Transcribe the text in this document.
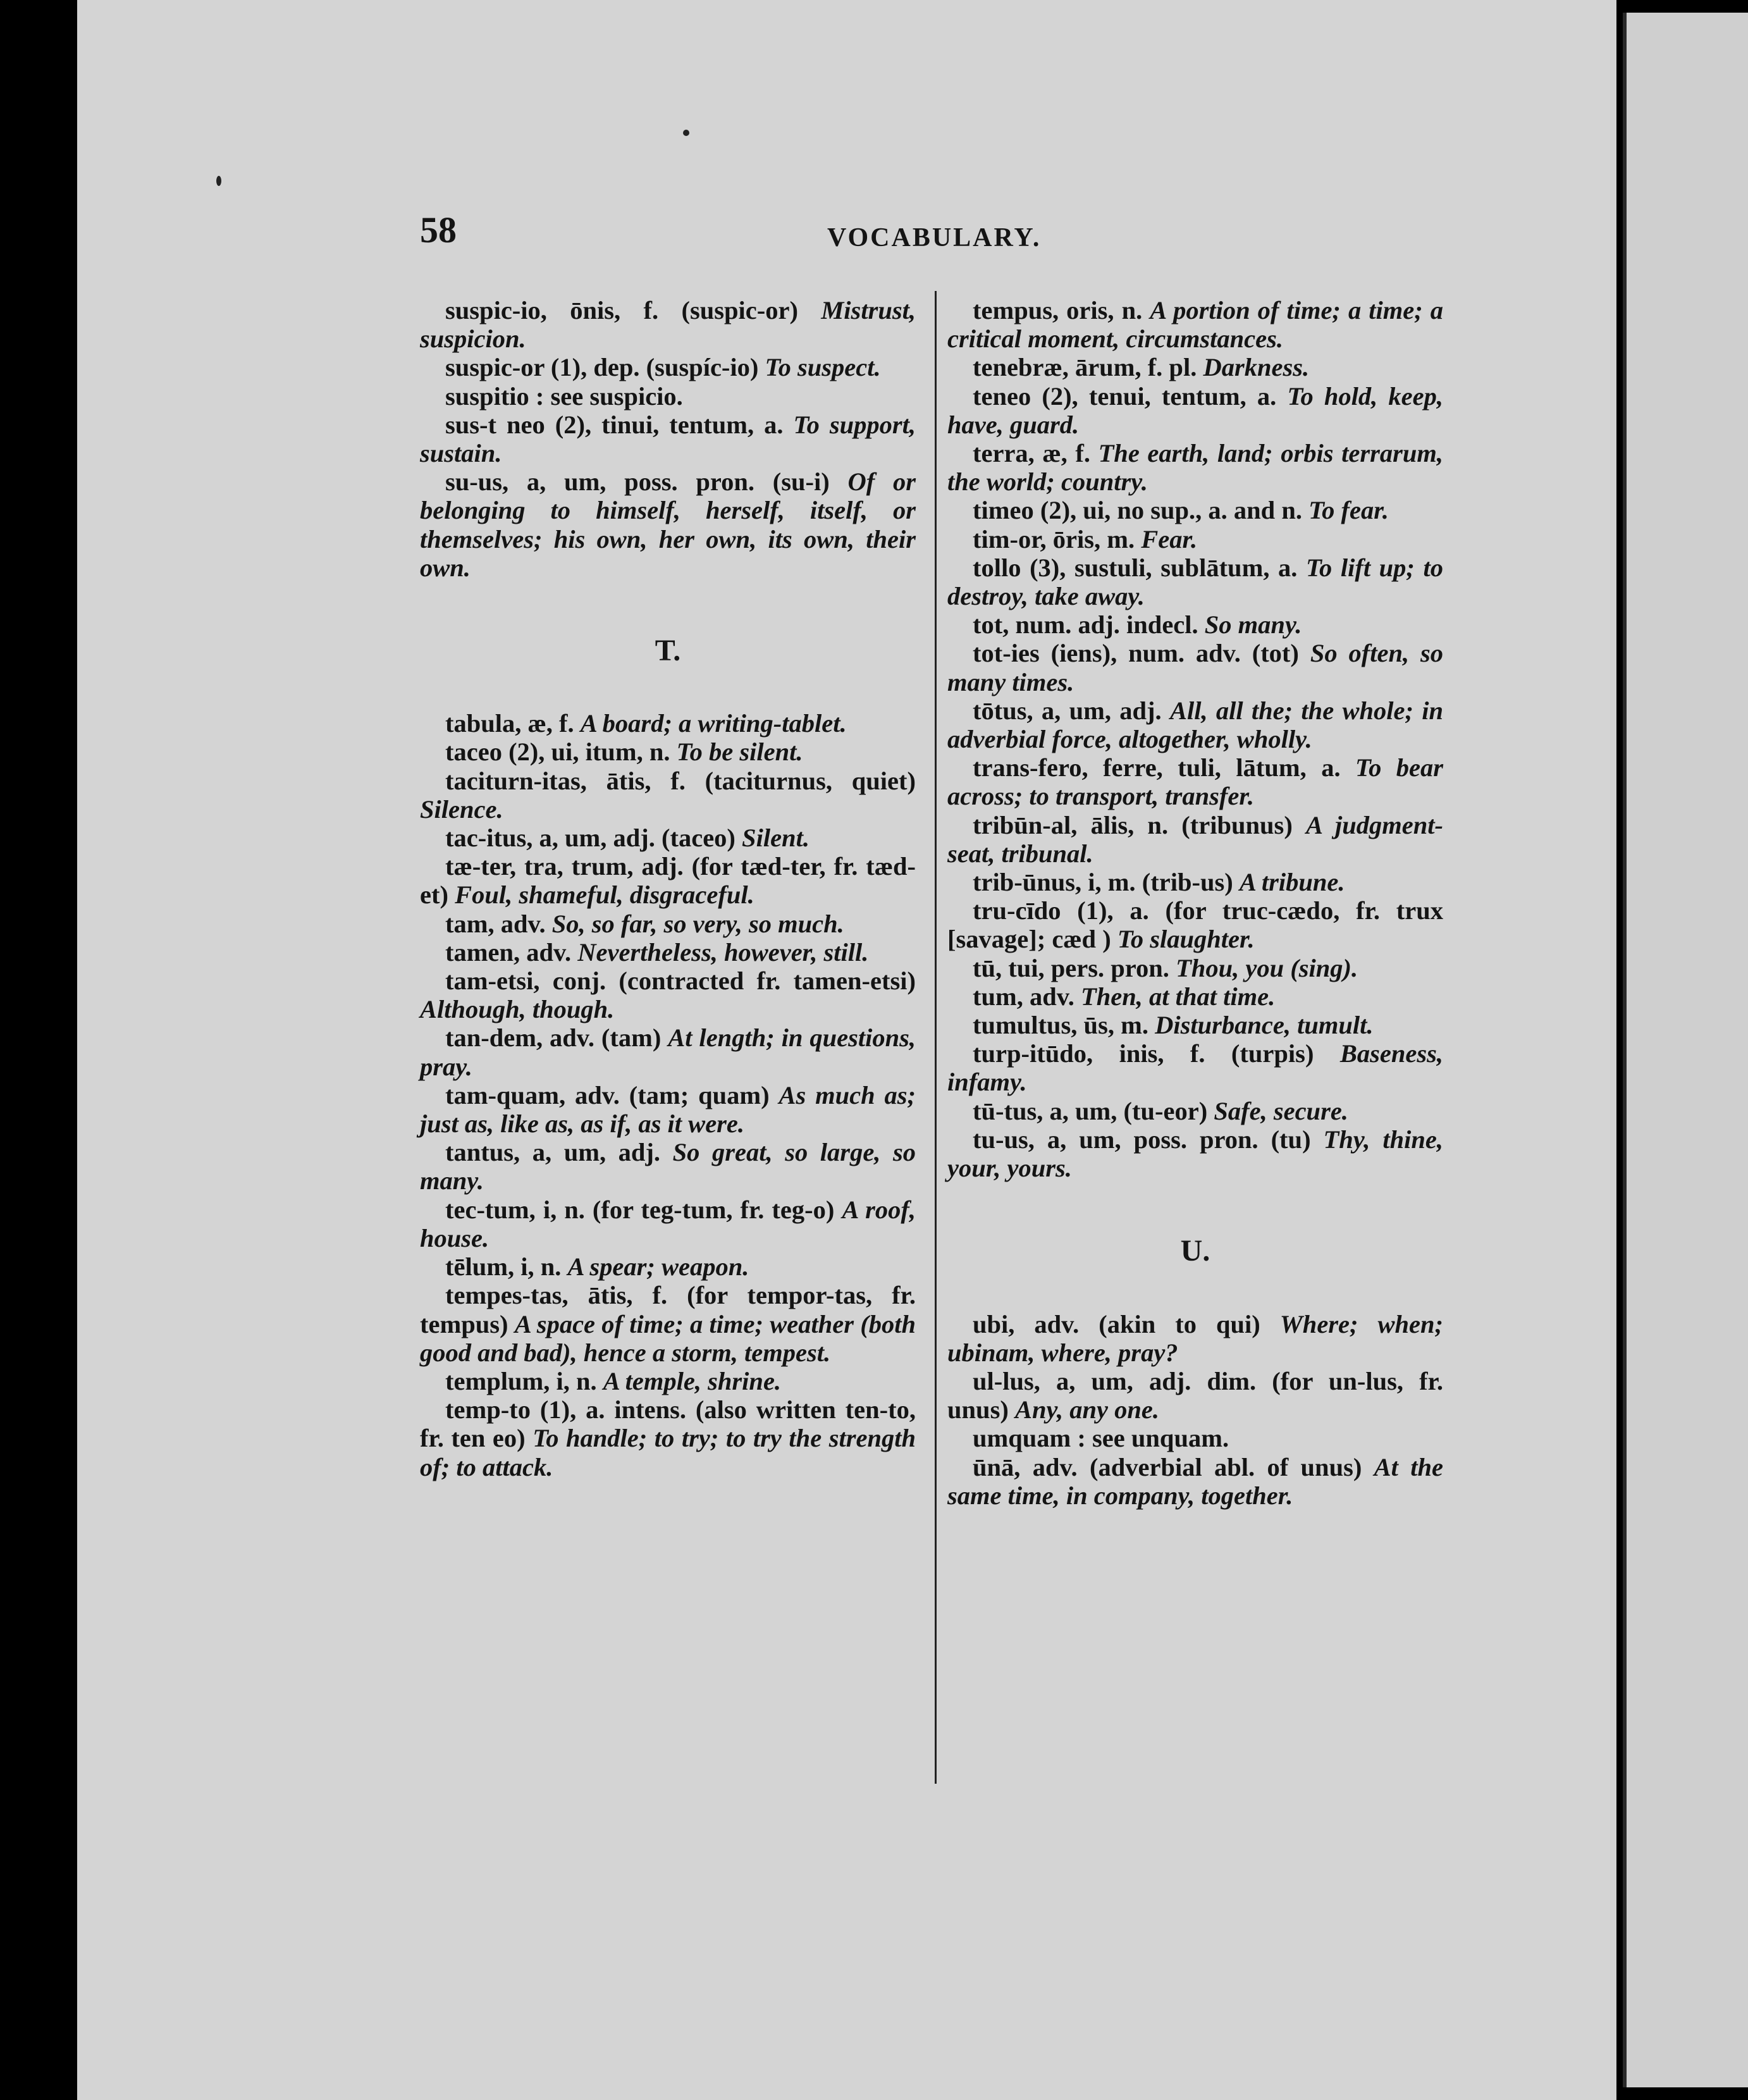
58	VOCABULARY.
suspic-io, ōnis, f. (suspic-or) Mistrust, suspicion.
suspic-or (1), dep. (suspíc-io) To suspect.
suspitio : see suspicio.
sus-t neo (2), tinui, tentum, a. To support, sustain.
su-us, a, um, poss. pron. (su-i) Of or belonging to himself, herself, itself, or themselves; his own, her own, its own, their own.
T.
tabula, æ, f. A board; a writing-tablet.
taceo (2), ui, itum, n. To be silent.
taciturn-itas, ātis, f. (taciturnus, quiet) Silence.
tac-itus, a, um, adj. (taceo) Silent.
tæ-ter, tra, trum, adj. (for tæd-ter, fr. tæd-et) Foul, shameful, disgraceful.
tam, adv. So, so far, so very, so much.
tamen, adv. Nevertheless, however, still.
tam-etsi, conj. (contracted fr. tamen-etsi) Although, though.
tan-dem, adv. (tam) At length; in questions, pray.
tam-quam, adv. (tam; quam) As much as; just as, like as, as if, as it were.
tantus, a, um, adj. So great, so large, so many.
tec-tum, i, n. (for teg-tum, fr. teg-o) A roof, house.
tēlum, i, n. A spear; weapon.
tempes-tas, ātis, f. (for tempor-tas, fr. tempus) A space of time; a time; weather (both good and bad), hence a storm, tempest.
templum, i, n. A temple, shrine.
temp-to (1), a. intens. (also written ten-to, fr. ten eo) To handle; to try; to try the strength of; to attack.
tempus, oris, n. A portion of time; a time; a critical moment, circumstances.
tenebræ, ārum, f. pl. Darkness.
teneo (2), tenui, tentum, a. To hold, keep, have, guard.
terra, æ, f. The earth, land; orbis terrarum, the world; country.
timeo (2), ui, no sup., a. and n. To fear.
tim-or, ōris, m. Fear.
tollo (3), sustuli, sublātum, a. To lift up; to destroy, take away.
tot, num. adj. indecl. So many.
tot-ies (iens), num. adv. (tot) So often, so many times.
tōtus, a, um, adj. All, all the; the whole; in adverbial force, altogether, wholly.
trans-fero, ferre, tuli, lātum, a. To bear across; to transport, transfer.
tribūn-al, ālis, n. (tribunus) A judgment-seat, tribunal.
trib-ūnus, i, m. (trib-us) A tribune.
tru-cīdo (1), a. (for truc-cædo, fr. trux [savage]; cæd ) To slaughter.
tū, tui, pers. pron. Thou, you (sing).
tum, adv. Then, at that time.
tumultus, ūs, m. Disturbance, tumult.
turp-itūdo, inis, f. (turpis) Baseness, infamy.
tū-tus, a, um, (tu-eor) Safe, secure.
tu-us, a, um, poss. pron. (tu) Thy, thine, your, yours.
U.
ubi, adv. (akin to qui) Where; when; ubinam, where, pray?
ul-lus, a, um, adj. dim. (for un-lus, fr. unus) Any, any one.
umquam : see unquam.
ūnā, adv. (adverbial abl. of unus) At the same time, in company, together.
